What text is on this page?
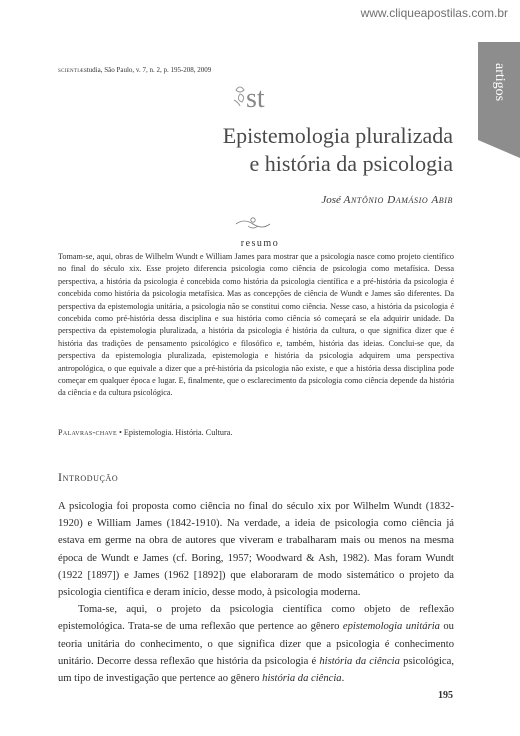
www.cliqueapostilas.com.br
artigos
scientiæstudia, São Paulo, v. 7, n. 2, p. 195-208, 2009
st
Epistemologia pluralizada
e história da psicologia
José Antônio Damásio Abib
resumo
Tomam-se, aqui, obras de Wilhelm Wundt e William James para mostrar que a psicologia nasce como projeto científico no final do século xix. Esse projeto diferencia psicologia como ciência de psicologia como metafísica. Dessa perspectiva, a história da psicologia é concebida como história da psicologia científica e a pré-história da psicologia é concebida como história da psicologia metafísica. Mas as concepções de ciência de Wundt e James são diferentes. Da perspectiva da epistemologia unitária, a psicologia não se constitui como ciência. Nesse caso, a história da psicologia é concebida como pré-história dessa disciplina e sua história como ciência só começará se ela adquirir unidade. Da perspectiva da epistemologia pluralizada, a história da psicologia é história da cultura, o que significa dizer que é história das tradições de pensamento psicológico e filosófico e, também, história das ideias. Conclui-se que, da perspectiva da epistemologia pluralizada, epistemologia e história da psicologia adquirem uma perspectiva antropológica, o que equivale a dizer que a pré-história da psicologia não existe, e que a história dessa disciplina pode começar em qualquer época e lugar. E, finalmente, que o esclarecimento da psicologia como ciência depende da história da ciência e da cultura psicológica.
Palavras-chave • Epistemologia. História. Cultura.
Introdução

A psicologia foi proposta como ciência no final do século xix por Wilhelm Wundt (1832-1920) e William James (1842-1910). Na verdade, a ideia de psicologia como ciência já estava em germe na obra de autores que viveram e trabalharam mais ou menos na mesma época de Wundt e James (cf. Boring, 1957; Woodward & Ash, 1982). Mas foram Wundt (1922 [1897]) e James (1962 [1892]) que elaboraram de modo sistemático o projeto da psicologia científica e deram início, desse modo, à psicologia moderna.

Toma-se, aqui, o projeto da psicologia científica como objeto de reflexão epistemológica. Trata-se de uma reflexão que pertence ao gênero epistemologia unitária ou teoria unitária do conhecimento, o que significa dizer que a psicologia é conhecimento unitário. Decorre dessa reflexão que história da psicologia é história da ciência psicológica, um tipo de investigação que pertence ao gênero história da ciência.

195
